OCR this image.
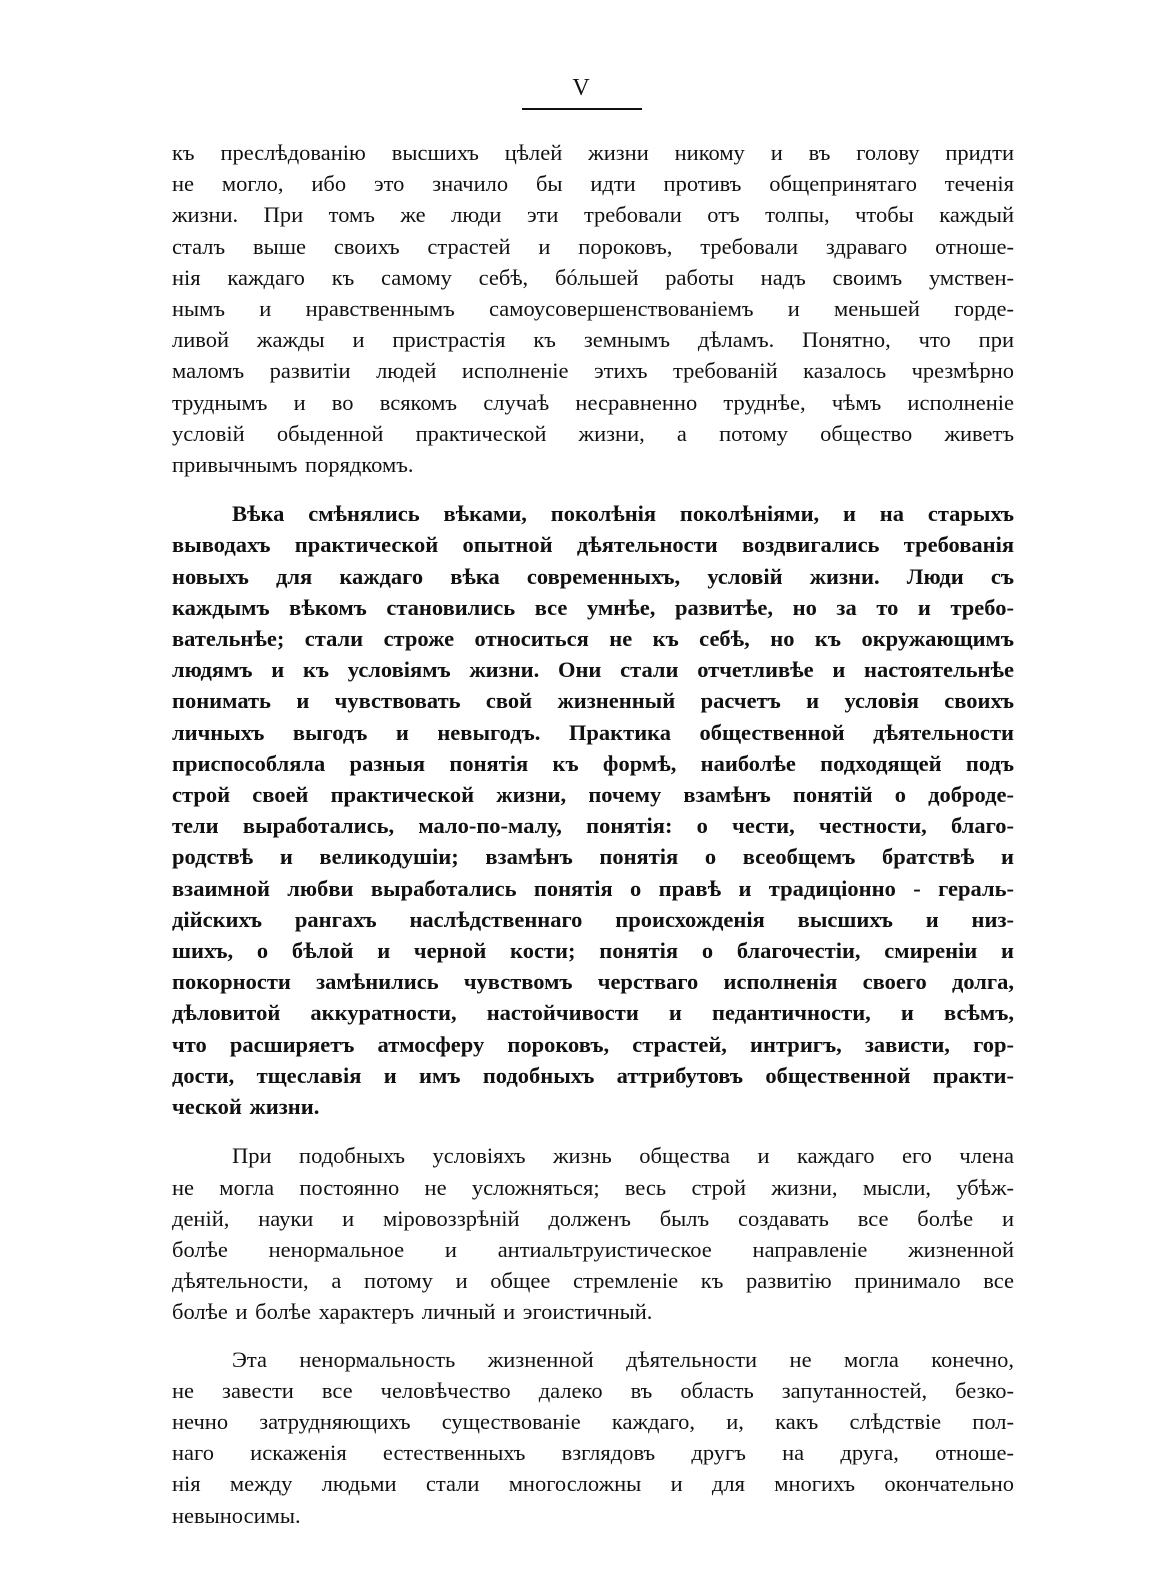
V

къ преслѣдованiю высшихъ цѣлей жизни никому и въ голову придти
не могло, ибо это значило бы идти противъ общепринятаго теченiя
жизни. При томъ же люди эти требовали отъ толпы, чтобы каждый
сталъ выше своихъ страстей и пороковъ, требовали здраваго отноше-
нiя каждаго къ самому себѣ, бóльшей работы надъ своимъ умствен-
нымъ и нравственнымъ самоусовершенствованiемъ и меньшей горде-
ливой жажды и пристрастiя къ земнымъ дѣламъ. Понятно, что при
маломъ развитiи людей исполненiе этихъ требованiй казалось чрезмѣрно
труднымъ и во всякомъ случаѣ несравненно труднѣе, чѣмъ исполненiе
условiй обыденной практической жизни, а потому общество живетъ
привычнымъ порядкомъ.

Вѣка смѣнялись вѣками, поколѣнiя поколѣнiями, и на старыхъ
выводахъ практической опытной дѣятельности воздвигались требованiя
новыхъ для каждаго вѣка современныхъ, условiй жизни. Люди съ
каждымъ вѣкомъ становились все умнѣе, развитѣе, но за то и требо-
вательнѣе; стали строже относиться не къ себѣ, но къ окружающимъ
людямъ и къ условiямъ жизни. Они стали отчетливѣе и настоятельнѣе
понимать и чувствовать свой жизненный расчетъ и условiя своихъ
личныхъ выгодъ и невыгодъ. Практика общественной дѣятельности
приспособляла разныя понятiя къ формѣ, наиболѣе подходящей подъ
строй своей практической жизни, почему взамѣнъ понятiй о доброде-
тели выработались, мало-по-малу, понятiя: о чести, честности, благо-
родствѣ и великодушiи; взамѣнъ понятiя о всеобщемъ братствѣ и
взаимной любви выработались понятiя о правѣ и традицiонно - гераль-
дiйскихъ рангахъ наслѣдственнаго происхожденiя высшихъ и низ-
шихъ, о бѣлой и черной кости; понятiя о благочестiи, смиренiи и
покорности замѣнились чувствомъ черстваго исполненiя своего долга,
дѣловитой аккуратности, настойчивости и педантичности, и всѣмъ,
что расширяетъ атмосферу пороковъ, страстей, интригъ, зависти, гор-
дости, тщеславiя и имъ подобныхъ аттрибутовъ общественной практи-
ческой жизни.

При подобныхъ условiяхъ жизнь общества и каждаго его члена
не могла постоянно не усложняться; весь строй жизни, мысли, убѣж-
денiй, науки и мiровоззрѣнiй долженъ былъ создавать все болѣе и
болѣе ненормальное и антиальтруистическое направленiе жизненной
дѣятельности, а потому и общее стремленiе къ развитiю принимало все
болѣе и болѣе характеръ личный и эгоистичный.

Эта ненормальность жизненной дѣятельности не могла конечно,
не завести все человѣчество далеко въ область запутанностей, безко-
нечно затрудняющихъ существованiе каждаго, и, какъ слѣдствiе пол-
наго искаженiя естественныхъ взглядовъ другъ на друга, отноше-
нiя между людьми стали многосложны и для многихъ окончательно
невыносимы.
